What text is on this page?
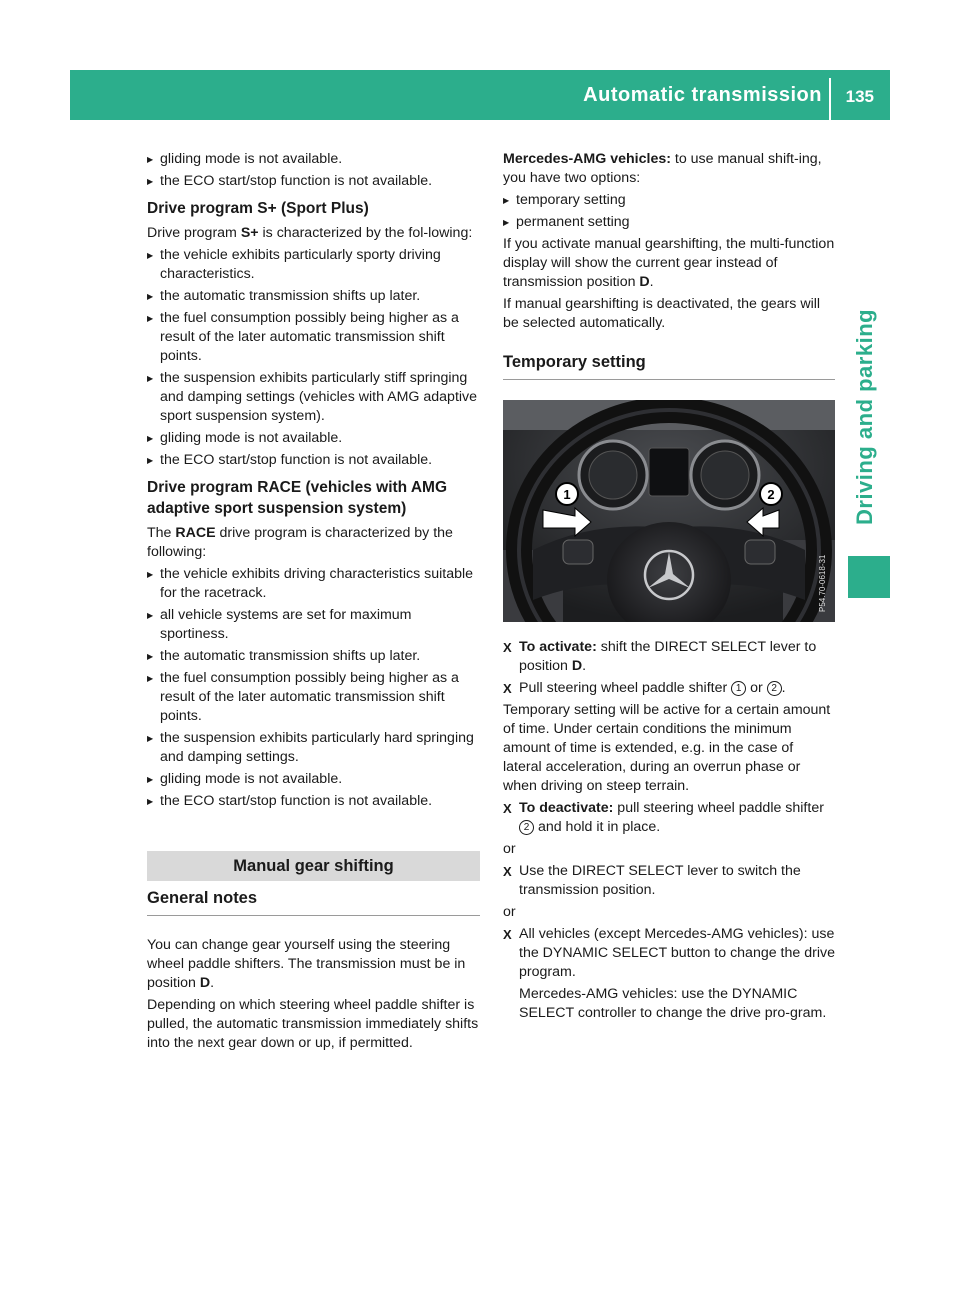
Automatic transmission 135
Driving and parking
▶ gliding mode is not available.
▶ the ECO start/stop function is not available.
Drive program S+ (Sport Plus)

Drive program S+ is characterized by the fol-lowing:

▶ the vehicle exhibits particularly sporty driving characteristics.
▶ the automatic transmission shifts up later.
▶ the fuel consumption possibly being higher as a result of the later automatic transmission shift points.
▶ the suspension exhibits particularly stiff springing and damping settings (vehicles with AMG adaptive sport suspension system).
▶ gliding mode is not available.
▶ the ECO start/stop function is not available.
Drive program RACE (vehicles with AMG adaptive sport suspension system)

The RACE drive program is characterized by the following:

▶ the vehicle exhibits driving characteristics suitable for the racetrack.
▶ all vehicle systems are set for maximum sportiness.
▶ the automatic transmission shifts up later.
▶ the fuel consumption possibly being higher as a result of the later automatic transmission shift points.
▶ the suspension exhibits particularly hard springing and damping settings.
▶ gliding mode is not available.
▶ the ECO start/stop function is not available.
Manual gear shifting
General notes

You can change gear yourself using the steering wheel paddle shifters. The transmission must be in position D.

Depending on which steering wheel paddle shifter is pulled, the automatic transmission immediately shifts into the next gear down or up, if permitted.

Mercedes-AMG vehicles: to use manual shift-ing, you have two options:

▶ temporary setting
▶ permanent setting

If you activate manual gearshifting, the multi-function display will show the current gear instead of transmission position D.

If manual gearshifting is deactivated, the gears will be selected automatically.

Temporary setting
1	2
P54.70-0618-31
X To activate: shift the DIRECT SELECT lever to position D.
X Pull steering wheel paddle shifter 1 or 2 .

Temporary setting will be active for a certain amount of time. Under certain conditions the minimum amount of time is extended, e.g. in the case of lateral acceleration, during an overrun phase or when driving on steep terrain.

X To deactivate: pull steering wheel paddle shifter 2 and hold it in place.

or

X Use the DIRECT SELECT lever to switch the transmission position.

or

X All vehicles (except Mercedes-AMG vehicles): use the DYNAMIC SELECT button to change the drive program.
Mercedes-AMG vehicles: use the DYNAMIC SELECT controller to change the drive pro-gram.
